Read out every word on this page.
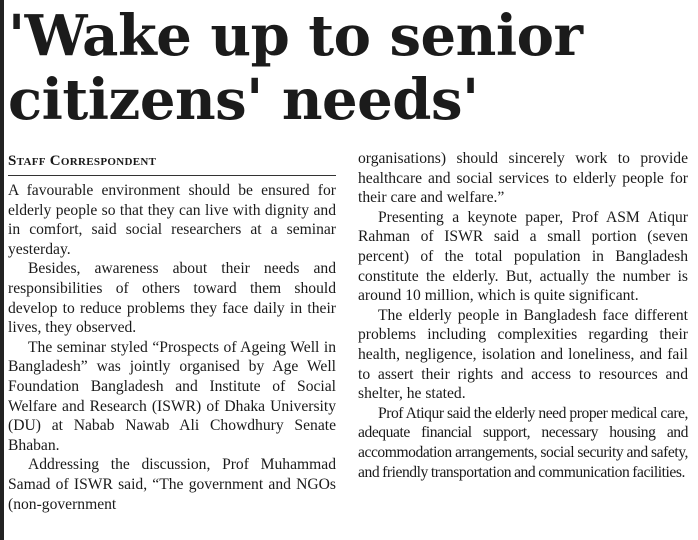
'Wake up to senior
citizens' needs'
Staff Correspondent

A favourable environment should be ensured for elderly people so that they can live with dignity and in comfort, said social researchers at a seminar yesterday.

Besides, awareness about their needs and responsibilities of others toward them should develop to reduce problems they face daily in their lives, they observed.

The seminar styled “Prospects of Ageing Well in Bangladesh” was jointly organised by Age Well Foundation Bangladesh and Institute of Social Welfare and Research (ISWR) of Dhaka University (DU) at Nabab Nawab Ali Chowdhury Senate Bhaban.

Addressing the discussion, Prof Muhammad Samad of ISWR said, “The government and NGOs (non-government

organisations) should sincerely work to provide healthcare and social services to elderly people for their care and welfare.”

Presenting a keynote paper, Prof ASM Atiqur Rahman of ISWR said a small portion (seven percent) of the total population in Bangladesh constitute the elderly. But, actually the number is around 10 million, which is quite significant.

The elderly people in Bangladesh face different problems including complexities regarding their health, negligence, isolation and loneliness, and fail to assert their rights and access to resources and shelter, he stated.

Prof Atiqur said the elderly need proper medical care, adequate financial support, necessary housing and accommodation arrangements, social security and safety, and friendly transportation and communication facilities.
